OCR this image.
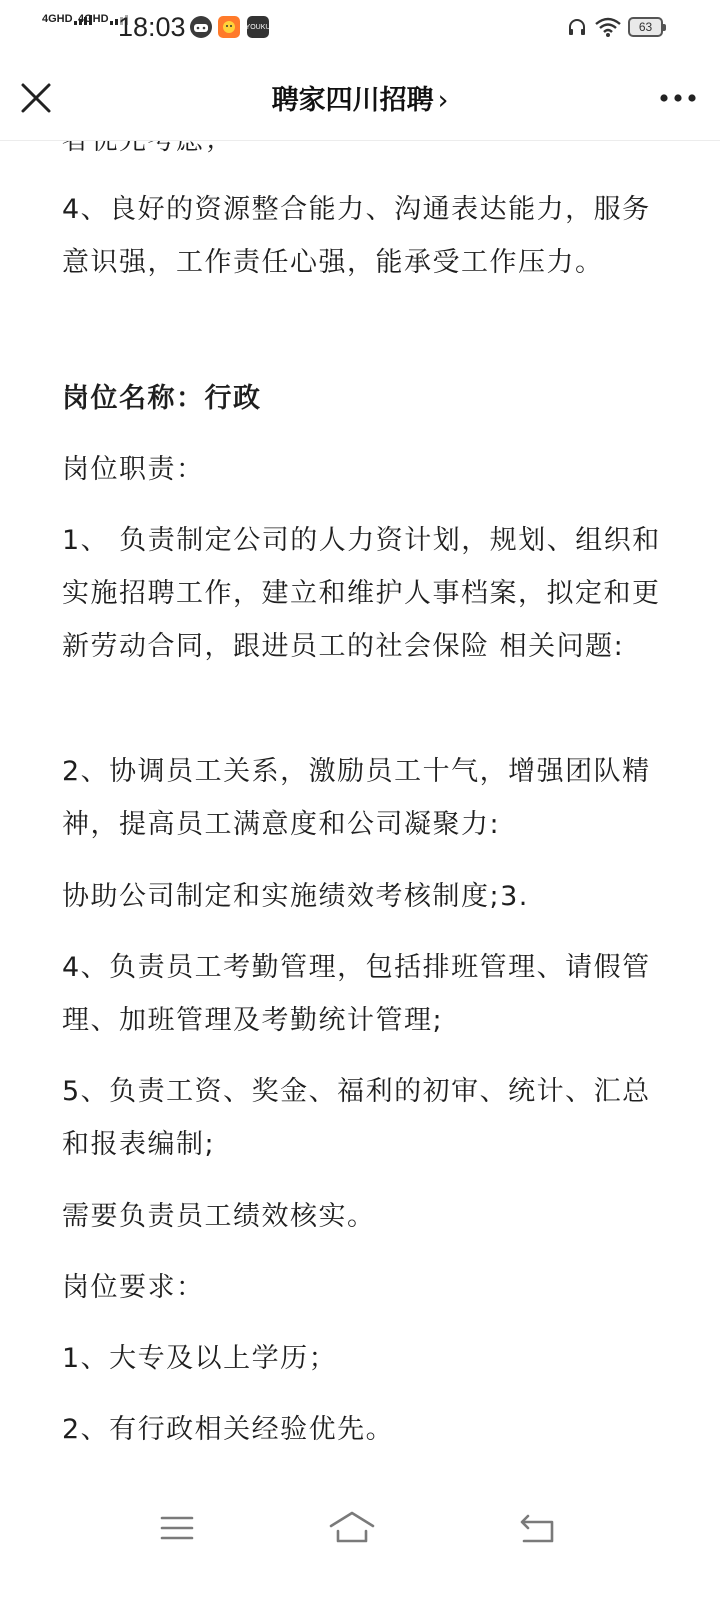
4GHD 4GHD 18:03	YOUKU	63
聘家四川招聘 ›

4、良好的资源整合能力、沟通表达能力，服务意识强，工作责任心强，能承受工作压力。

岗位名称：行政

岗位职责：

1、 负责制定公司的人力资计划，规划、组织和实施招聘工作，建立和维护人事档案，拟定和更新劳动合同，跟进员工的社会保险 相关问题:

2、协调员工关系，激励员工十气，增强团队精神，提高员工满意度和公司凝聚力:

协助公司制定和实施绩效考核制度;3.

4、负责员工考勤管理，包括排班管理、请假管理、加班管理及考勤统计管理;

5、负责工资、奖金、福利的初审、统计、汇总和报表编制;

需要负责员工绩效核实。

岗位要求：

1、大专及以上学历；

2、有行政相关经验优先。
